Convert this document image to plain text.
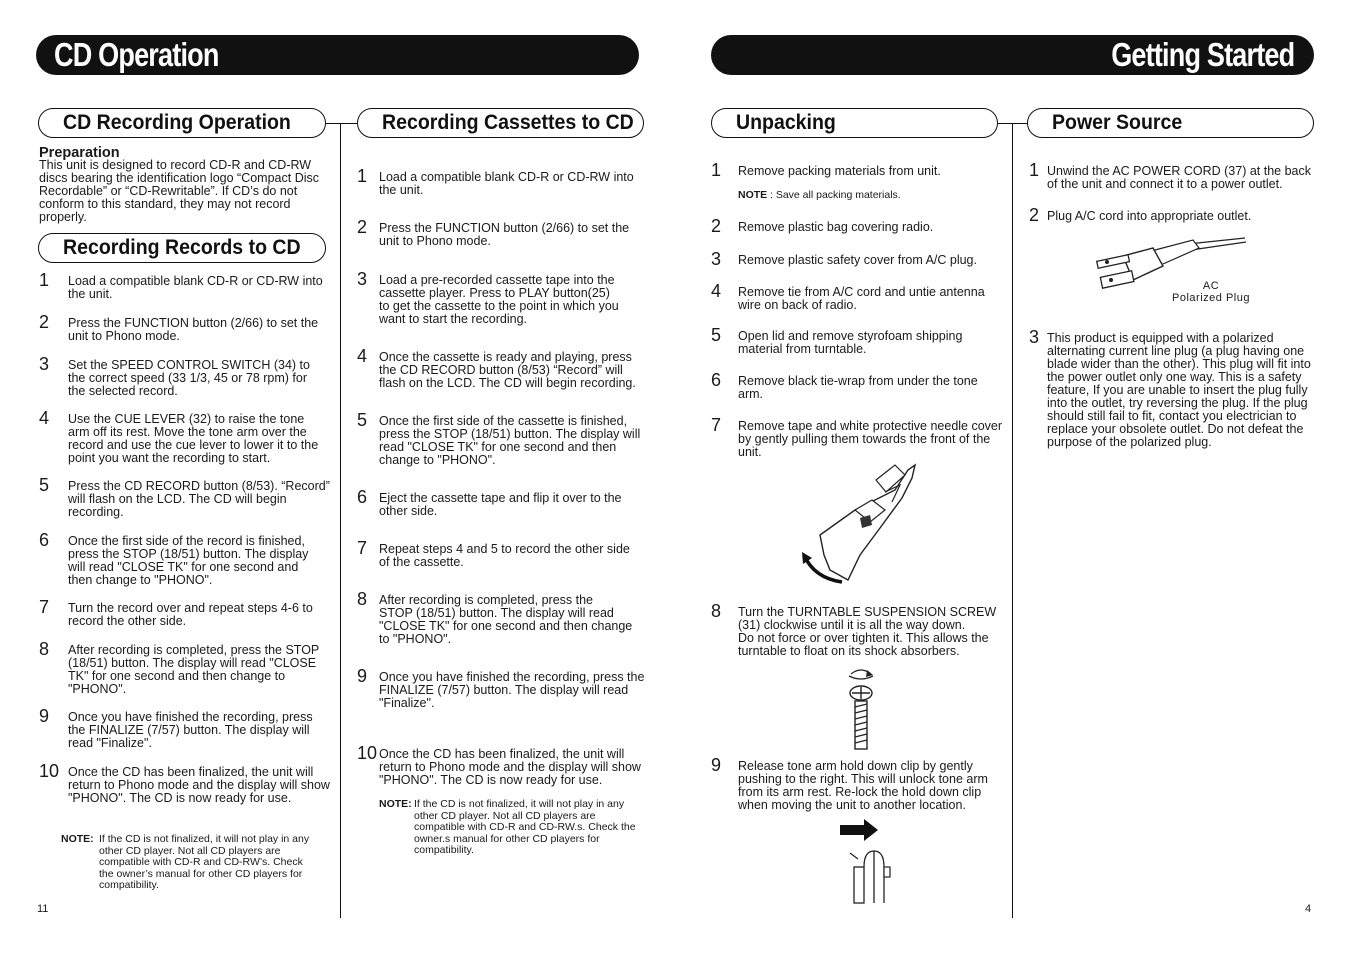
CD Operation	Getting Started
CD Recording Operation	Recording Cassettes to CD
Recording Records to CD
Unpacking	Power Source
Preparation
This unit is designed to record CD-R and CD-RW
discs bearing the identification logo “Compact Disc
Recordable” or “CD-Rewritable”. If CD’s do not
conform to this standard, they may not record
properly.
1 Load a compatible blank CD-R or CD-RW into
the unit.
2 Press the FUNCTION button (2/66) to set the
unit to Phono mode.
3 Set the SPEED CONTROL SWITCH (34) to
the correct speed (33 1/3, 45 or 78 rpm) for
the selected record.
4 Use the CUE LEVER (32) to raise the tone
arm off its rest. Move the tone arm over the
record and use the cue lever to lower it to the
point you want the recording to start.
5 Press the CD RECORD button (8/53). “Record”
will flash on the LCD. The CD will begin
recording.
6 Once the first side of the record is finished,
press the STOP (18/51) button. The display
will read "CLOSE TK" for one second and
then change to "PHONO".
7 Turn the record over and repeat steps 4-6 to
record the other side.
8 After recording is completed, press the STOP
(18/51) button. The display will read "CLOSE
TK" for one second and then change to
"PHONO".
9 Once you have finished the recording, press
the FINALIZE (7/57) button. The display will
read "Finalize".
10 Once the CD has been finalized, the unit will
return to Phono mode and the display will show
"PHONO". The CD is now ready for use.
NOTE: If the CD is not finalized, it will not play in any
other CD player. Not all CD players are
compatible with CD-R and CD-RW’s. Check
the owner’s manual for other CD players for
compatibility.
1 Load a compatible blank CD-R or CD-RW into
the unit.
2 Press the FUNCTION button (2/66) to set the
unit to Phono mode.
3 Load a pre-recorded cassette tape into the
cassette player. Press to PLAY button(25)
to get the cassette to the point in which you
want to start the recording.
4 Once the cassette is ready and playing, press
the CD RECORD button (8/53) “Record” will
flash on the LCD. The CD will begin recording.
5 Once the first side of the cassette is finished,
press the STOP (18/51) button. The display will
read "CLOSE TK" for one second and then
change to "PHONO".
6 Eject the cassette tape and flip it over to the
other side.
7 Repeat steps 4 and 5 to record the other side
of the cassette.
8 After recording is completed, press the
STOP (18/51) button. The display will read
"CLOSE TK" for one second and then change
to "PHONO".
9 Once you have finished the recording, press the
FINALIZE (7/57) button. The display will read
"Finalize".
10 Once the CD has been finalized, the unit will
return to Phono mode and the display will show
"PHONO". The CD is now ready for use.
NOTE: If the CD is not finalized, it will not play in any
other CD player. Not all CD players are
compatible with CD-R and CD-RW.s. Check the
owner.s manual for other CD players for
compatibility.
1 Remove packing materials from unit.
NOTE : Save all packing materials.
2 Remove plastic bag covering radio.
3 Remove plastic safety cover from A/C plug.
4 Remove tie from A/C cord and untie antenna
wire on back of radio.
5 Open lid and remove styrofoam shipping
material from turntable.
6 Remove black tie-wrap from under the tone
arm.
7 Remove tape and white protective needle cover
by gently pulling them towards the front of the
unit.
8 Turn the TURNTABLE SUSPENSION SCREW
(31) clockwise until it is all the way down.
Do not force or over tighten it. This allows the
turntable to float on its shock absorbers.
9 Release tone arm hold down clip by gently
pushing to the right. This will unlock tone arm
from its arm rest. Re-lock the hold down clip
when moving the unit to another location.
1 Unwind the AC POWER CORD (37) at the back
of the unit and connect it to a power outlet.
2 Plug A/C cord into appropriate outlet.
3 This product is equipped with a polarized
alternating current line plug (a plug having one
blade wider than the other). This plug will fit into
the power outlet only one way. This is a safety
feature, If you are unable to insert the plug fully
into the outlet, try reversing the plug. If the plug
should still fail to fit, contact you electrician to
replace your obsolete outlet. Do not defeat the
purpose of the polarized plug.
AC
Polarized Plug
11	4
